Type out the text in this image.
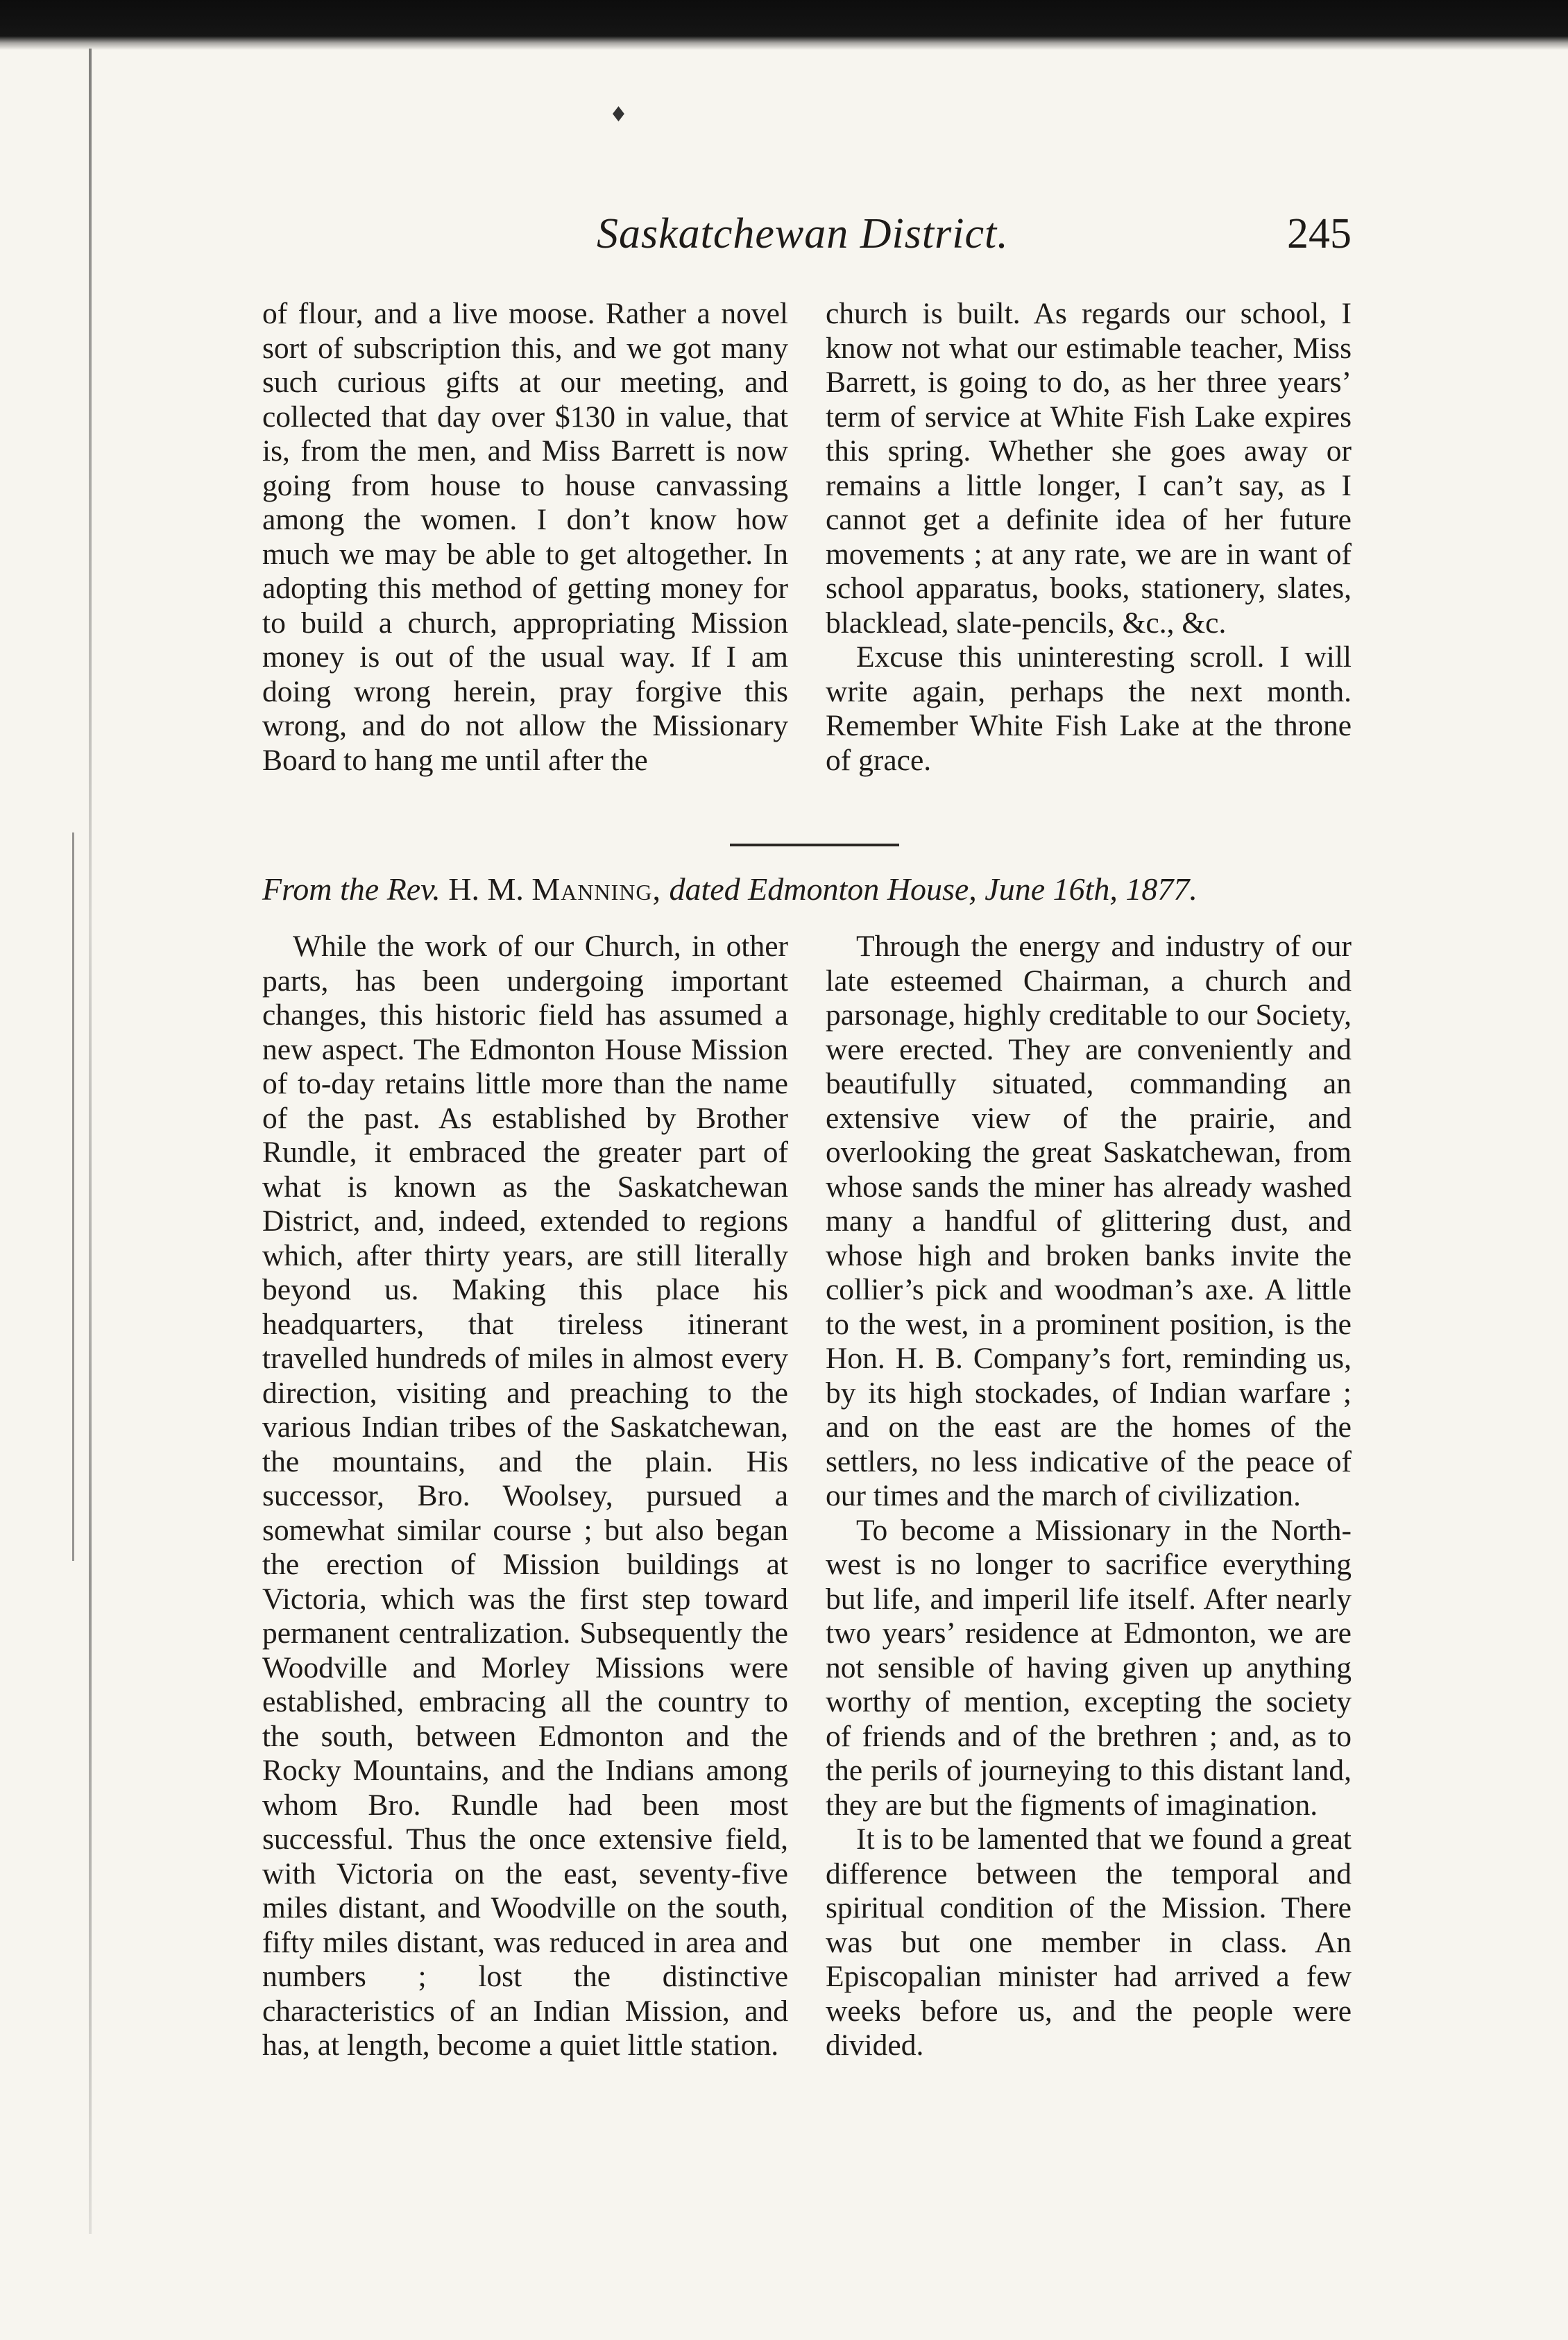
♦
Saskatchewan District.	245

of flour, and a live moose. Rather a novel sort of subscription this, and we got many such curious gifts at our meeting, and collected that day over $130 in value, that is, from the men, and Miss Barrett is now going from house to house canvassing among the women. I don’t know how much we may be able to get altogether. In adopting this method of getting money for to build a church, appropriating Mission money is out of the usual way. If I am doing wrong herein, pray forgive this wrong, and do not allow the Missionary Board to hang me until after the

church is built. As regards our school, I know not what our estimable teacher, Miss Barrett, is going to do, as her three years’ term of service at White Fish Lake expires this spring. Whether she goes away or remains a little longer, I can’t say, as I cannot get a definite idea of her future movements ; at any rate, we are in want of school apparatus, books, stationery, slates, blacklead, slate-pencils, &c., &c.

Excuse this uninteresting scroll. I will write again, perhaps the next month. Remember White Fish Lake at the throne of grace.

From the Rev. H. M. Manning, dated Edmonton House, June 16th, 1877.

While the work of our Church, in other parts, has been undergoing important changes, this historic field has assumed a new aspect. The Edmonton House Mission of to-day retains little more than the name of the past. As established by Brother Rundle, it embraced the greater part of what is known as the Saskatchewan District, and, indeed, extended to regions which, after thirty years, are still literally beyond us. Making this place his headquarters, that tireless itinerant travelled hundreds of miles in almost every direction, visiting and preaching to the various Indian tribes of the Saskatchewan, the mountains, and the plain. His successor, Bro. Woolsey, pursued a somewhat similar course ; but also began the erection of Mission buildings at Victoria, which was the first step toward permanent centralization. Subsequently the Woodville and Morley Missions were established, embracing all the country to the south, between Edmonton and the Rocky Mountains, and the Indians among whom Bro. Rundle had been most successful. Thus the once extensive field, with Victoria on the east, seventy-five miles distant, and Woodville on the south, fifty miles distant, was reduced in area and numbers ; lost the distinctive characteristics of an Indian Mission, and has, at length, become a quiet little station.

Through the energy and industry of our late esteemed Chairman, a church and parsonage, highly creditable to our Society, were erected. They are conveniently and beautifully situated, commanding an extensive view of the prairie, and overlooking the great Saskatchewan, from whose sands the miner has already washed many a handful of glittering dust, and whose high and broken banks invite the collier’s pick and woodman’s axe. A little to the west, in a prominent position, is the Hon. H. B. Company’s fort, reminding us, by its high stockades, of Indian warfare ; and on the east are the homes of the settlers, no less indicative of the peace of our times and the march of civilization.

To become a Missionary in the North-west is no longer to sacrifice everything but life, and imperil life itself. After nearly two years’ residence at Edmonton, we are not sensible of having given up anything worthy of mention, excepting the society of friends and of the brethren ; and, as to the perils of journeying to this distant land, they are but the figments of imagination.

It is to be lamented that we found a great difference between the temporal and spiritual condition of the Mission. There was but one member in class. An Episcopalian minister had arrived a few weeks before us, and the people were divided.
